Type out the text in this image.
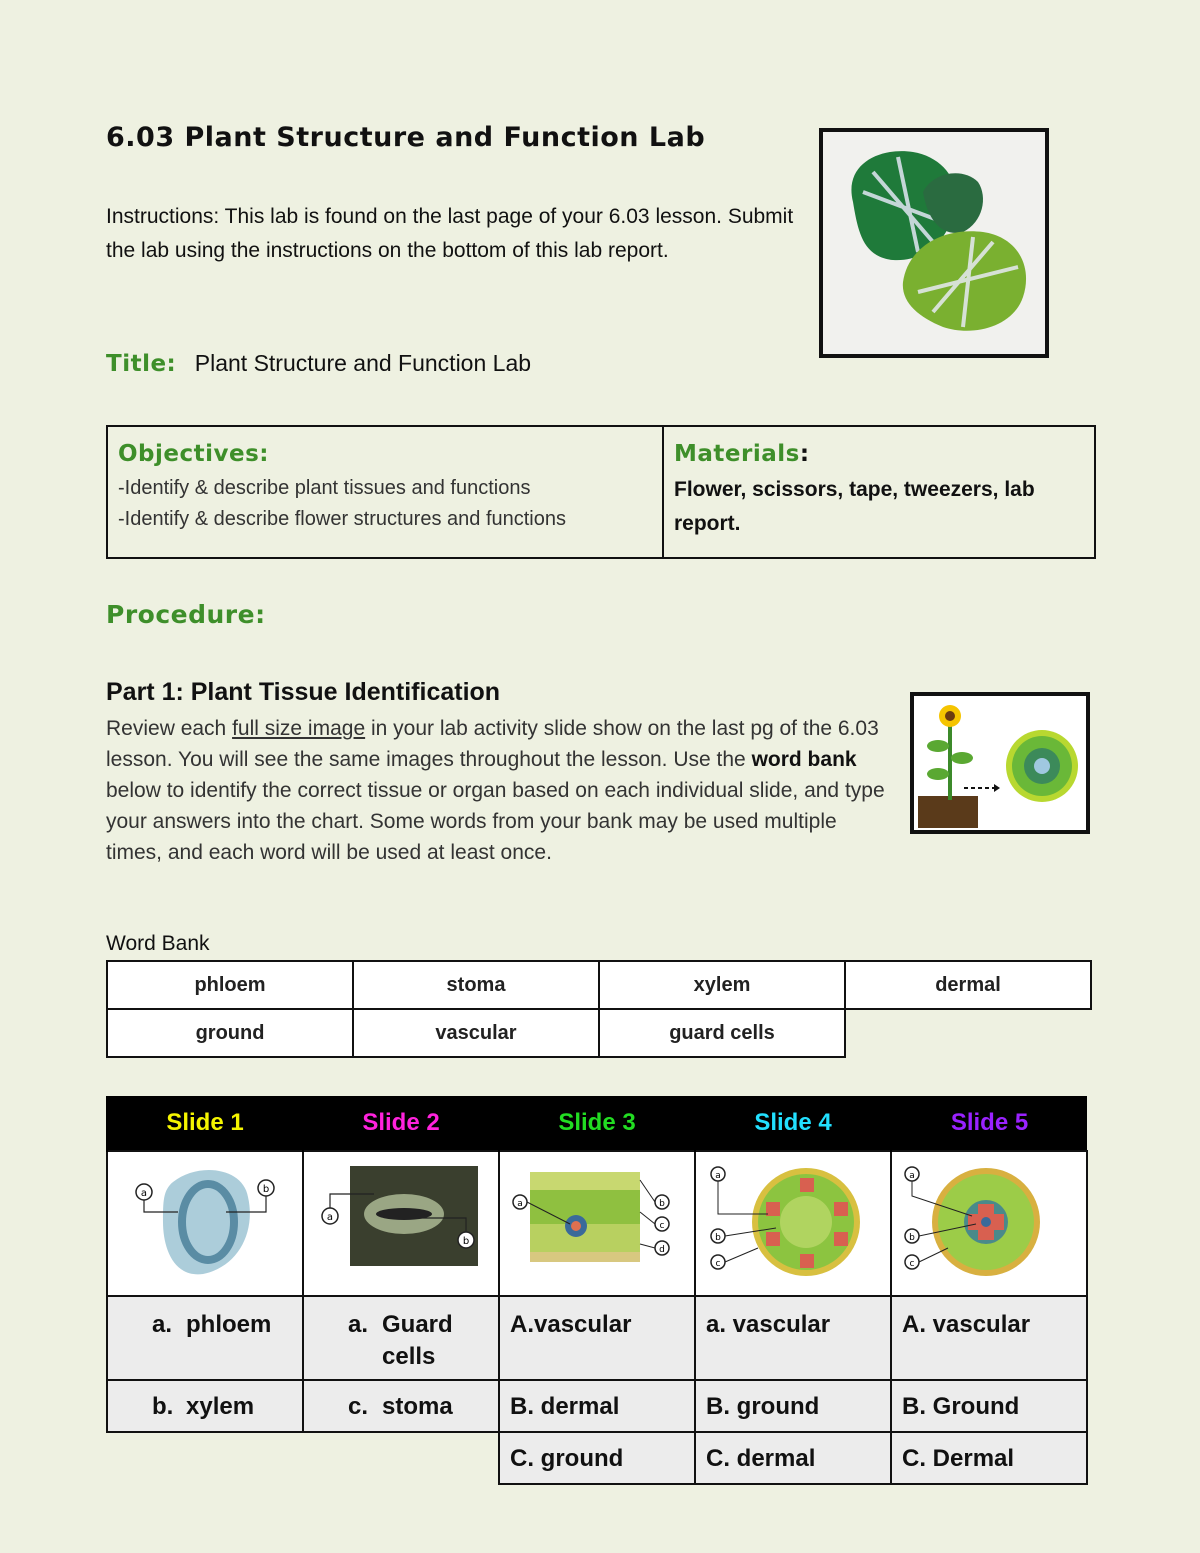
6.03 Plant Structure and Function Lab
Instructions: This lab is found on the last page of your 6.03 lesson. Submit the lab using the instructions on the bottom of this lab report.
Title: Plant Structure and Function Lab
Objectives:
-Identify & describe plant tissues and functions
-Identify & describe flower structures and functions
Materials:
Flower, scissors, tape, tweezers, lab report.
Procedure:
Part 1: Plant Tissue Identification
Review each full size image in your lab activity slide show on the last pg of the 6.03 lesson. You will see the same images throughout the lesson. Use the word bank below to identify the correct tissue or organ based on each individual slide, and type your answers into the chart. Some words from your bank may be used multiple times, and each word will be used at least once.
Word Bank
phloem	stoma	xylem	dermal
ground	vascular	guard cells	
Slide 1	Slide 2	Slide 3	Slide 4	Slide 5

a b	a
b	a b
c
d	a
b
c	a
b
c

a. phloem	a. Guard cells	A.vascular	a. vascular	A. vascular

b. xylem	c. stoma	B. dermal	B. ground	B. Ground

		C. ground	C. dermal	C. Dermal
